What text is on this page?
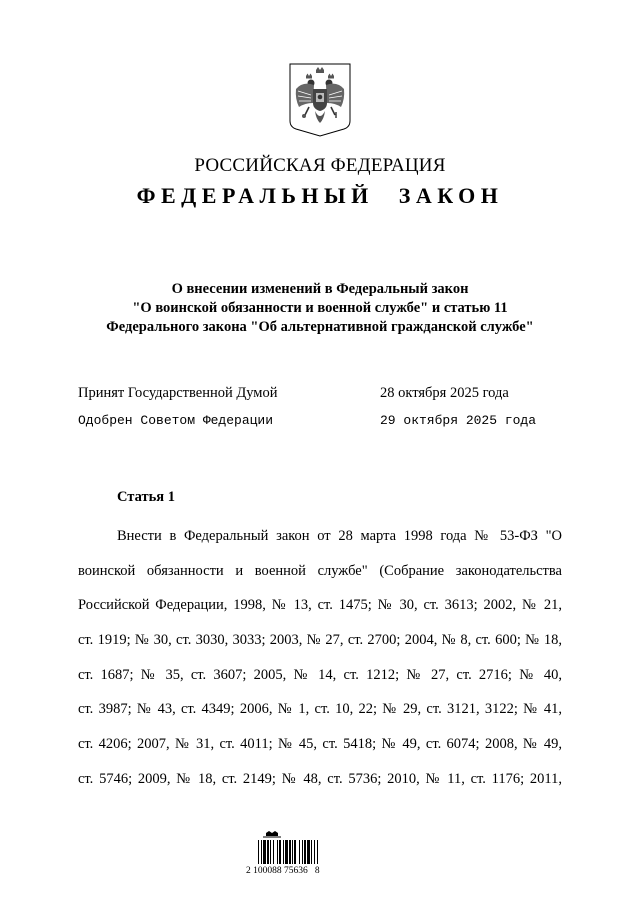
РОССИЙСКАЯ ФЕДЕРАЦИЯ
ФЕДЕРАЛЬНЫЙ ЗАКОН
О внесении изменений в Федеральный закон
"О воинской обязанности и военной службе" и статью 11
Федерального закона "Об альтернативной гражданской службе"
Принят Государственной Думой	28 октября 2025 года
Одобрен Советом Федерации	29 октября 2025 года
Статья 1
Внести в Федеральный закон от 28 марта 1998 года № 53-ФЗ "О
воинской обязанности и военной службе" (Собрание законодательства
Российской Федерации, 1998, № 13, ст. 1475; № 30, ст. 3613; 2002, № 21,
ст. 1919; № 30, ст. 3030, 3033; 2003, № 27, ст. 2700; 2004, № 8, ст. 600; № 18,
ст. 1687; № 35, ст. 3607; 2005, № 14, ст. 1212; № 27, ст. 2716; № 40,
ст. 3987; № 43, ст. 4349; 2006, № 1, ст. 10, 22; № 29, ст. 3121, 3122; № 41,
ст. 4206; 2007, № 31, ст. 4011; № 45, ст. 5418; № 49, ст. 6074; 2008, № 49,
ст. 5746; 2009, № 18, ст. 2149; № 48, ст. 5736; 2010, № 11, ст. 1176; 2011,
2 100088 75636   8
